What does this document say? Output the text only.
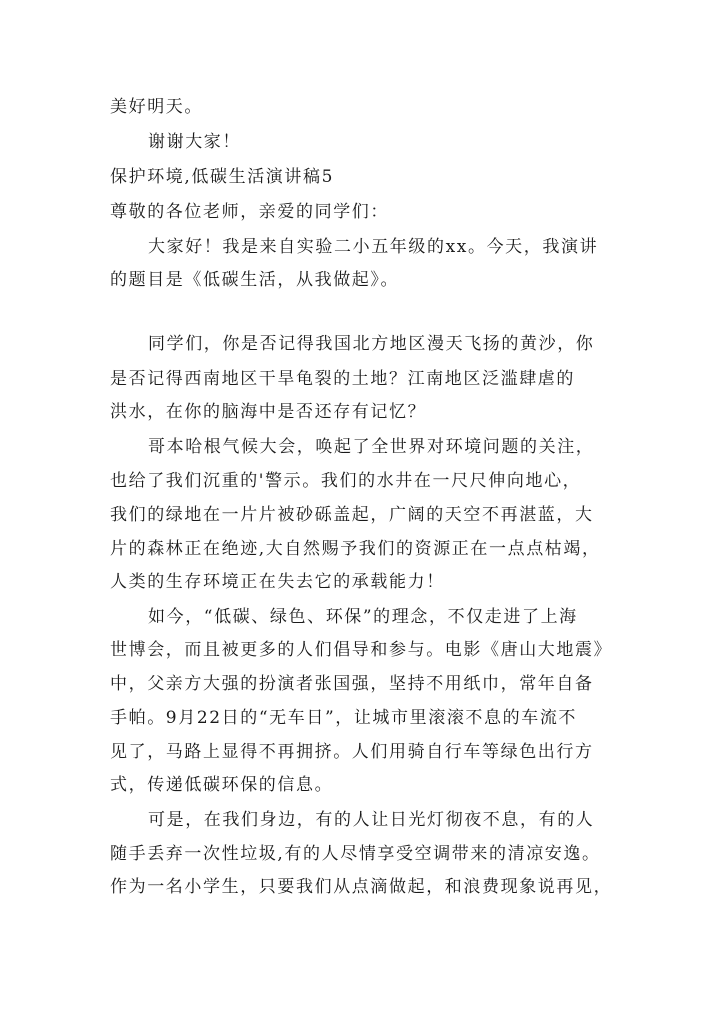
美好明天。
谢谢大家！
保护环境,低碳生活演讲稿5
尊敬的各位老师，亲爱的同学们：
大家好！我是来自实验二小五年级的xx。今天，我演讲
的题目是《低碳生活，从我做起》。
同学们，你是否记得我国北方地区漫天飞扬的黄沙，你
是否记得西南地区干旱龟裂的土地？江南地区泛滥肆虐的
洪水，在你的脑海中是否还存有记忆？
哥本哈根气候大会，唤起了全世界对环境问题的关注，
也给了我们沉重的'警示。我们的水井在一尺尺伸向地心，
我们的绿地在一片片被砂砾盖起，广阔的天空不再湛蓝，大
片的森林正在绝迹,大自然赐予我们的资源正在一点点枯竭，
人类的生存环境正在失去它的承载能力！
如今，“低碳、绿色、环保”的理念，不仅走进了上海
世博会，而且被更多的人们倡导和参与。电影《唐山大地震》
中，父亲方大强的扮演者张国强，坚持不用纸巾，常年自备
手帕。9月22日的“无车日”，让城市里滚滚不息的车流不
见了，马路上显得不再拥挤。人们用骑自行车等绿色出行方
式，传递低碳环保的信息。
可是，在我们身边，有的人让日光灯彻夜不息，有的人
随手丢弃一次性垃圾,有的人尽情享受空调带来的清凉安逸。
作为一名小学生，只要我们从点滴做起，和浪费现象说再见，
